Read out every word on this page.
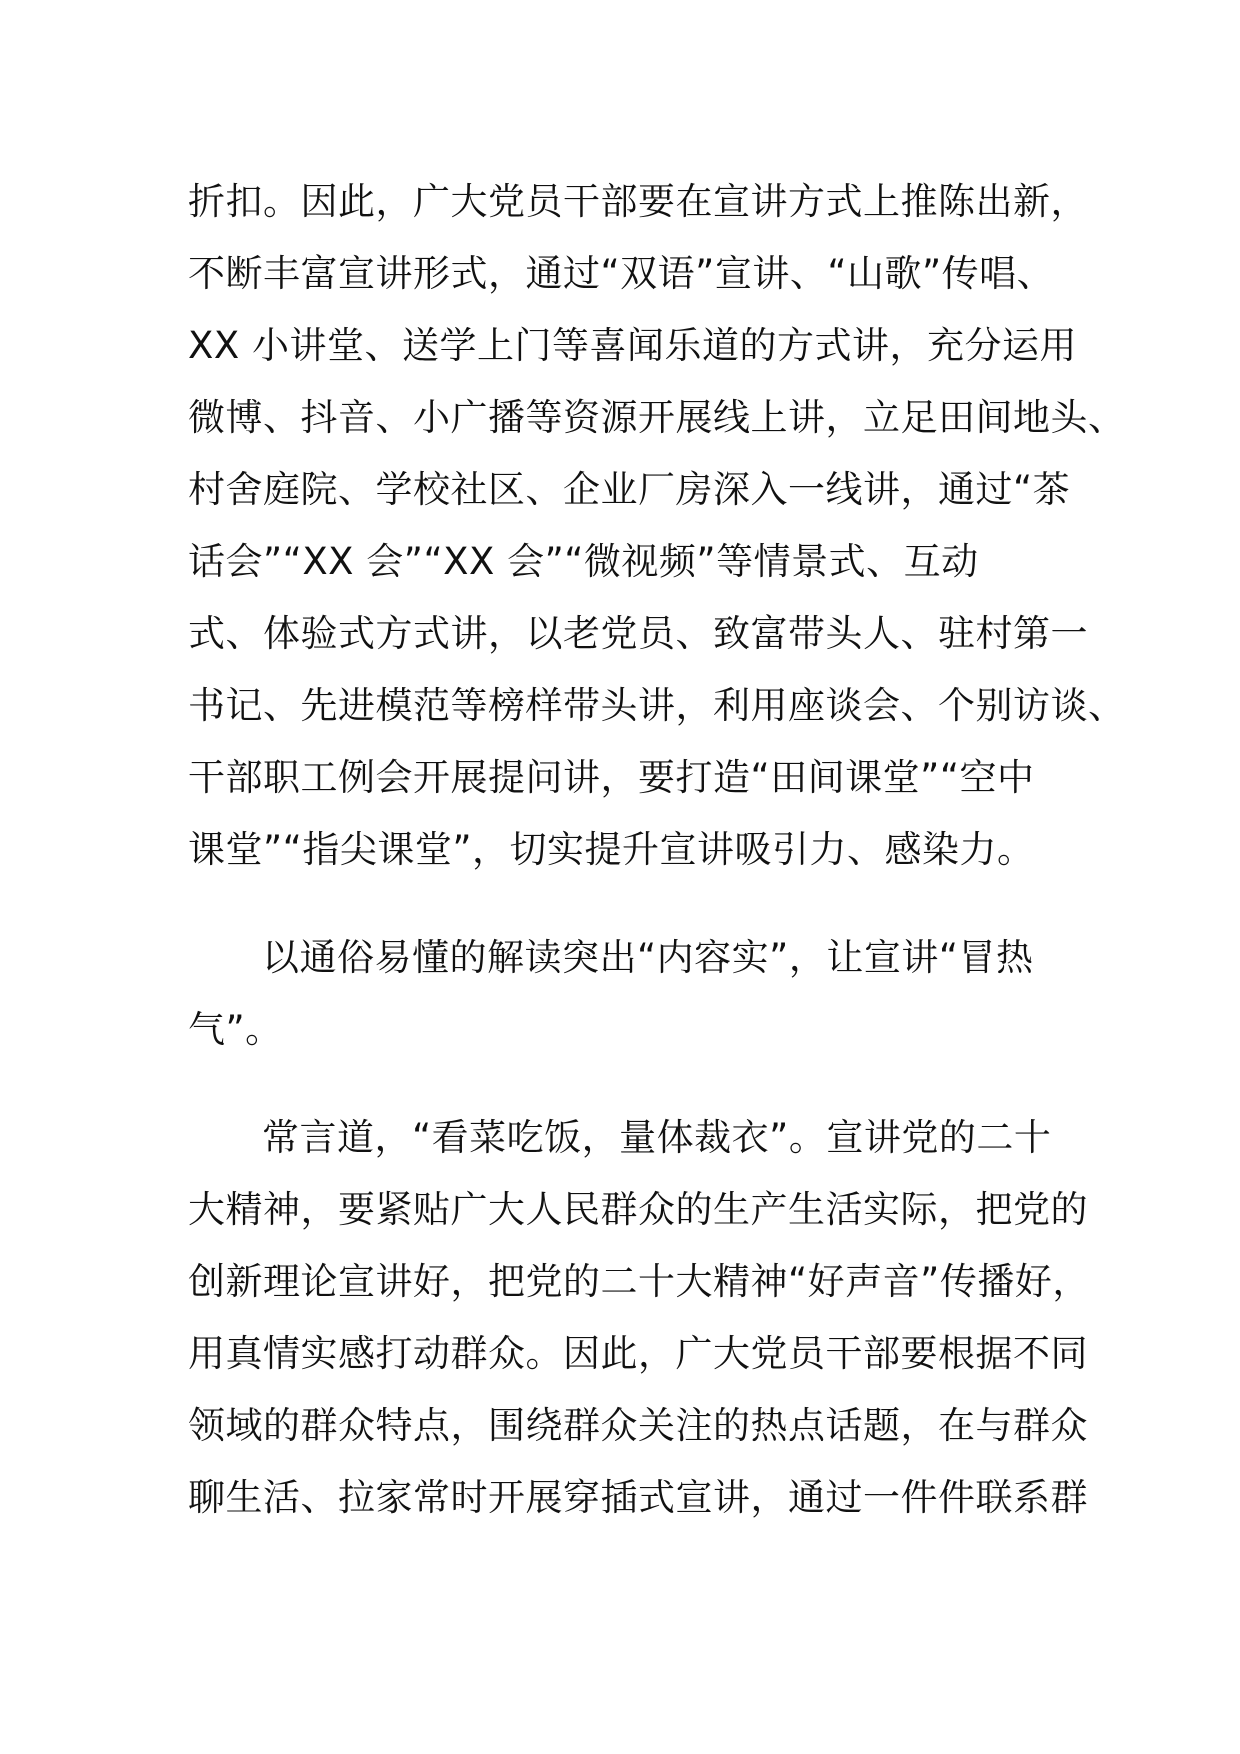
折扣。因此，广大党员干部要在宣讲方式上推陈出新，
不断丰富宣讲形式，通过“双语”宣讲、“山歌”传唱、
XX 小讲堂、送学上门等喜闻乐道的方式讲，充分运用
微博、抖音、小广播等资源开展线上讲，立足田间地头、
村舍庭院、学校社区、企业厂房深入一线讲，通过“茶
话会”“XX 会”“XX 会”“微视频”等情景式、互动
式、体验式方式讲，以老党员、致富带头人、驻村第一
书记、先进模范等榜样带头讲，利用座谈会、个别访谈、
干部职工例会开展提问讲，要打造“田间课堂”“空中
课堂”“指尖课堂”，切实提升宣讲吸引力、感染力。
以通俗易懂的解读突出“内容实”，让宣讲“冒热
气”。
常言道，“看菜吃饭，量体裁衣”。宣讲党的二十
大精神，要紧贴广大人民群众的生产生活实际，把党的
创新理论宣讲好，把党的二十大精神“好声音”传播好，
用真情实感打动群众。因此，广大党员干部要根据不同
领域的群众特点，围绕群众关注的热点话题，在与群众
聊生活、拉家常时开展穿插式宣讲，通过一件件联系群
